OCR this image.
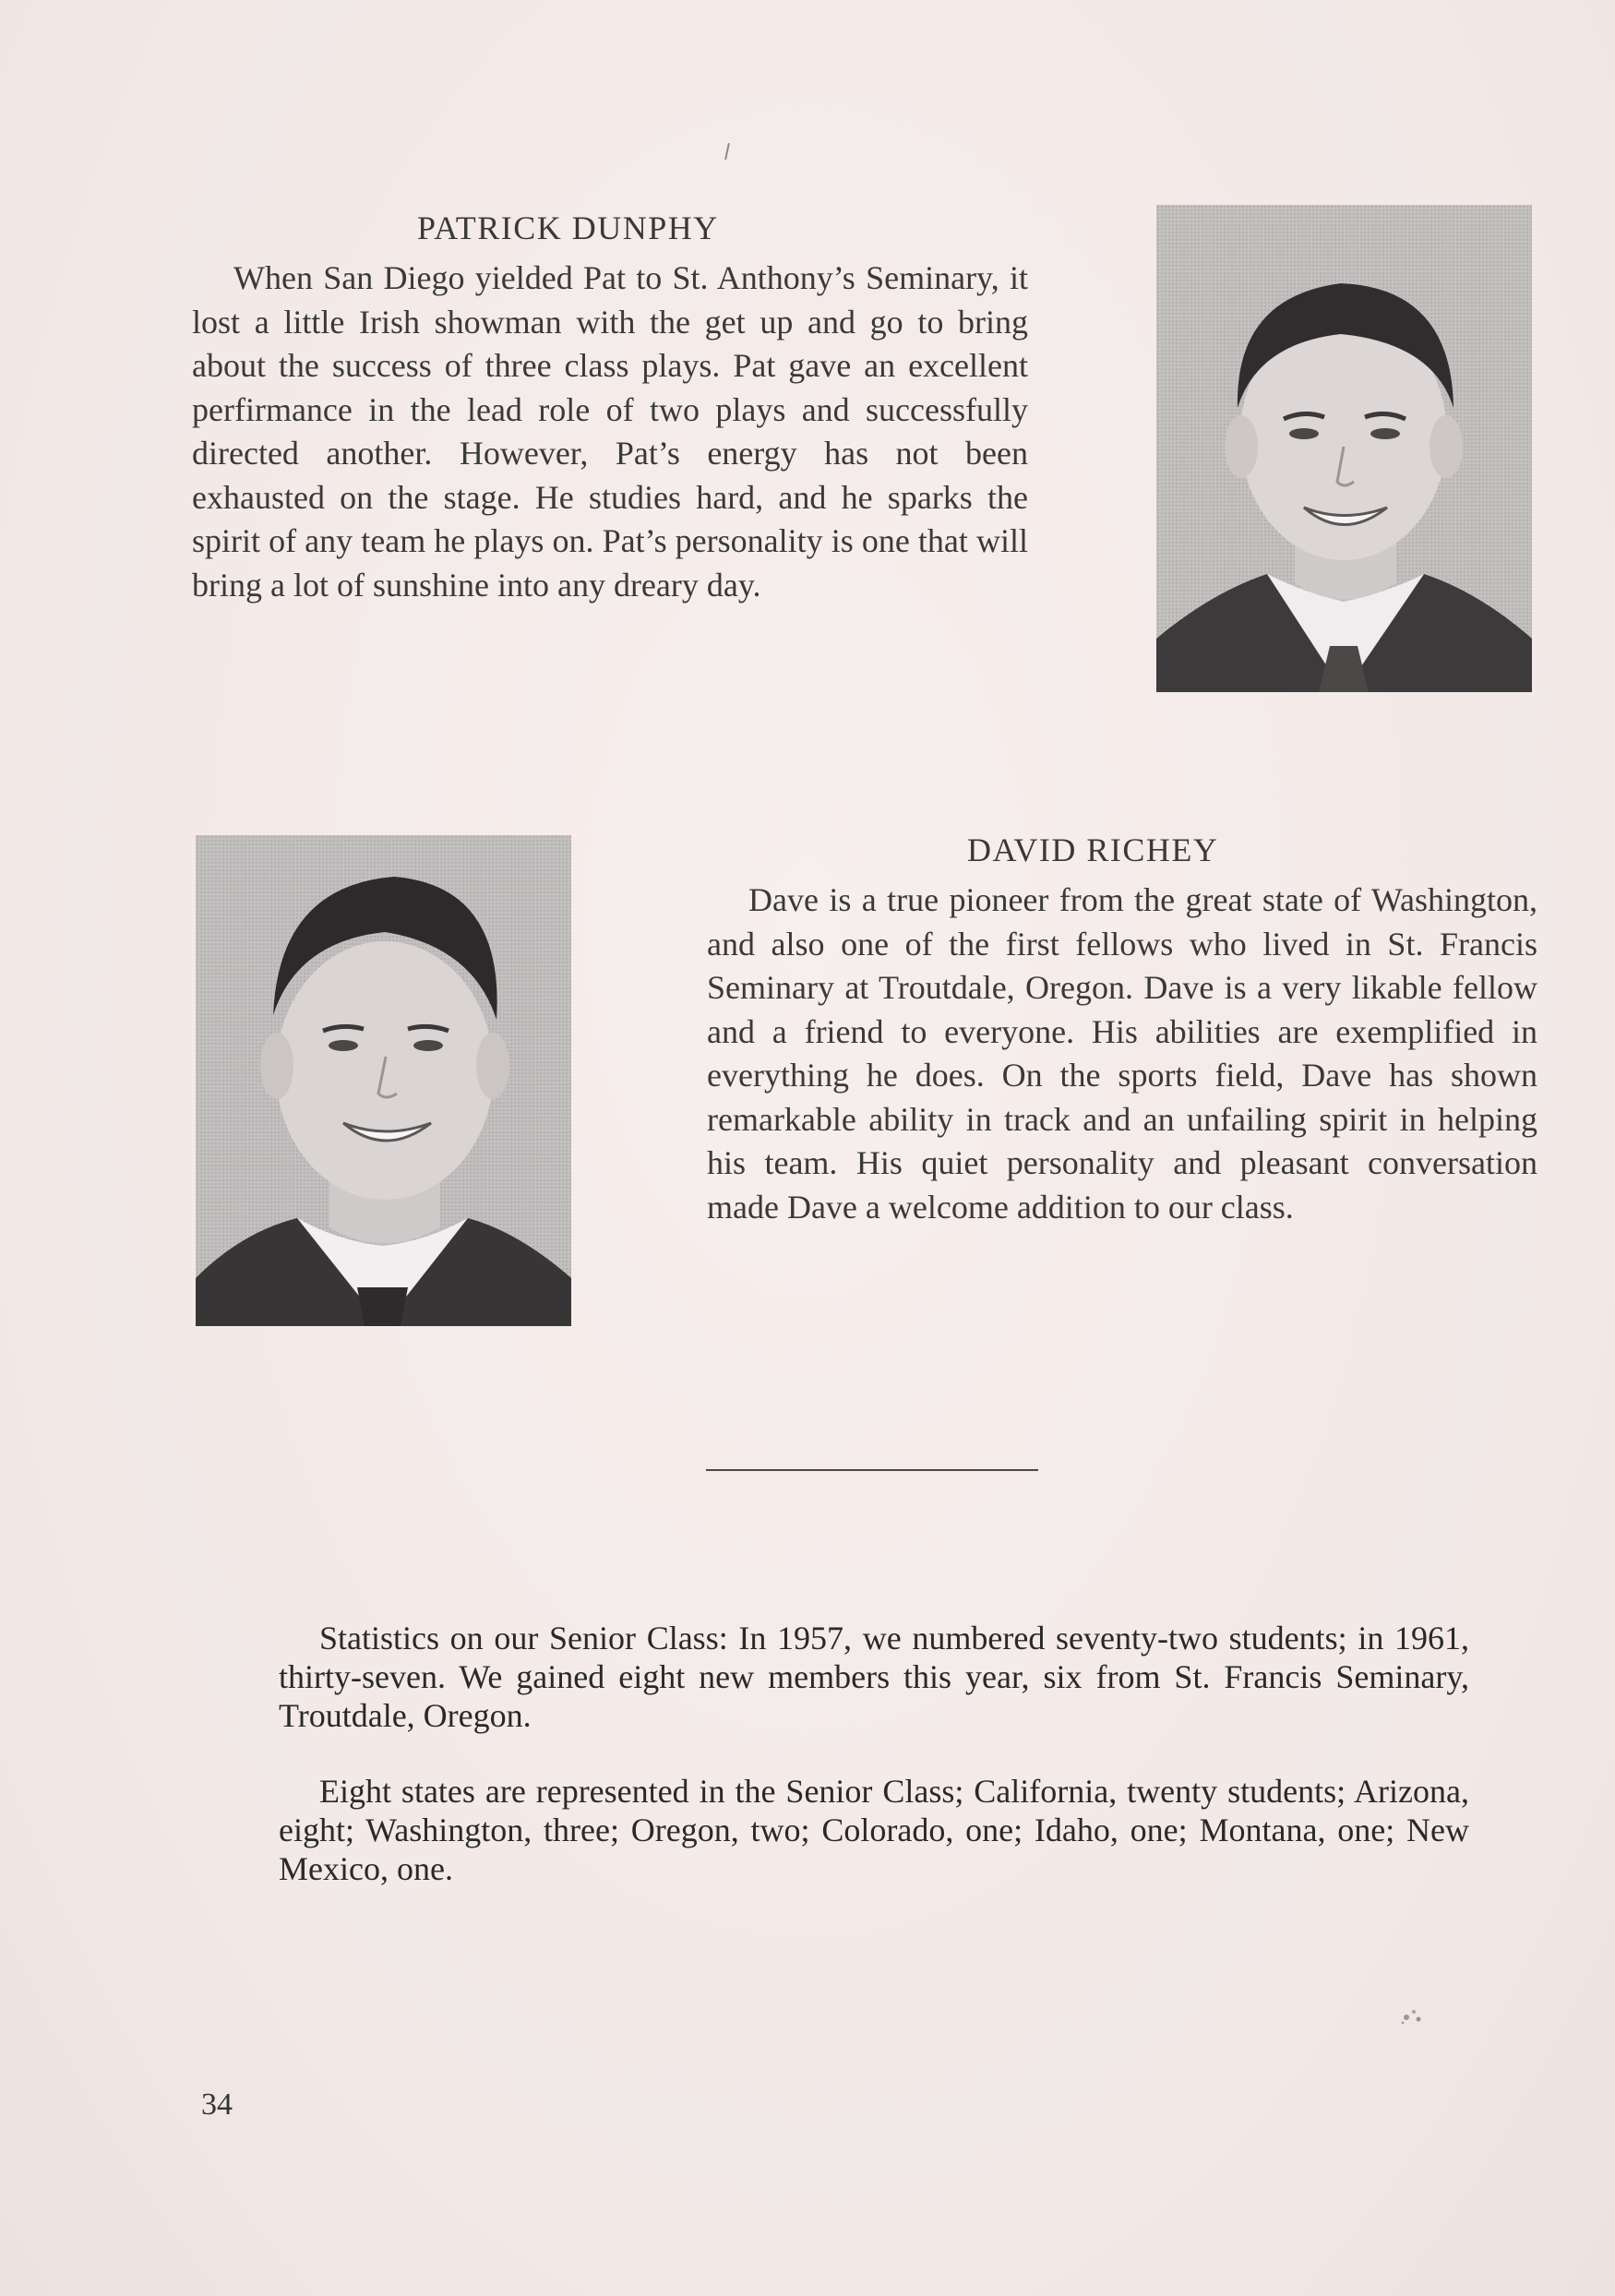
PATRICK DUNPHY

When San Diego yielded Pat to St. Anthony’s Seminary, it lost a little Irish showman with the get up and go to bring about the success of three class plays. Pat gave an excellent perfirmance in the lead role of two plays and successfully directed another. However, Pat’s energy has not been exhausted on the stage. He studies hard, and he sparks the spirit of any team he plays on. Pat’s personality is one that will bring a lot of sunshine into any dreary day.

DAVID RICHEY

Dave is a true pioneer from the great state of Washington, and also one of the first fellows who lived in St. Francis Seminary at Troutdale, Oregon. Dave is a very likable fellow and a friend to everyone. His abilities are exemplified in everything he does. On the sports field, Dave has shown remarkable ability in track and an unfailing spirit in helping his team. His quiet personality and pleasant conversation made Dave a welcome addition to our class.

Statistics on our Senior Class: In 1957, we numbered seventy-two students; in 1961, thirty-seven. We gained eight new members this year, six from St. Francis Seminary, Troutdale, Oregon.

Eight states are represented in the Senior Class; California, twenty students; Arizona, eight; Washington, three; Oregon, two; Colorado, one; Idaho, one; Montana, one; New Mexico, one.

34
